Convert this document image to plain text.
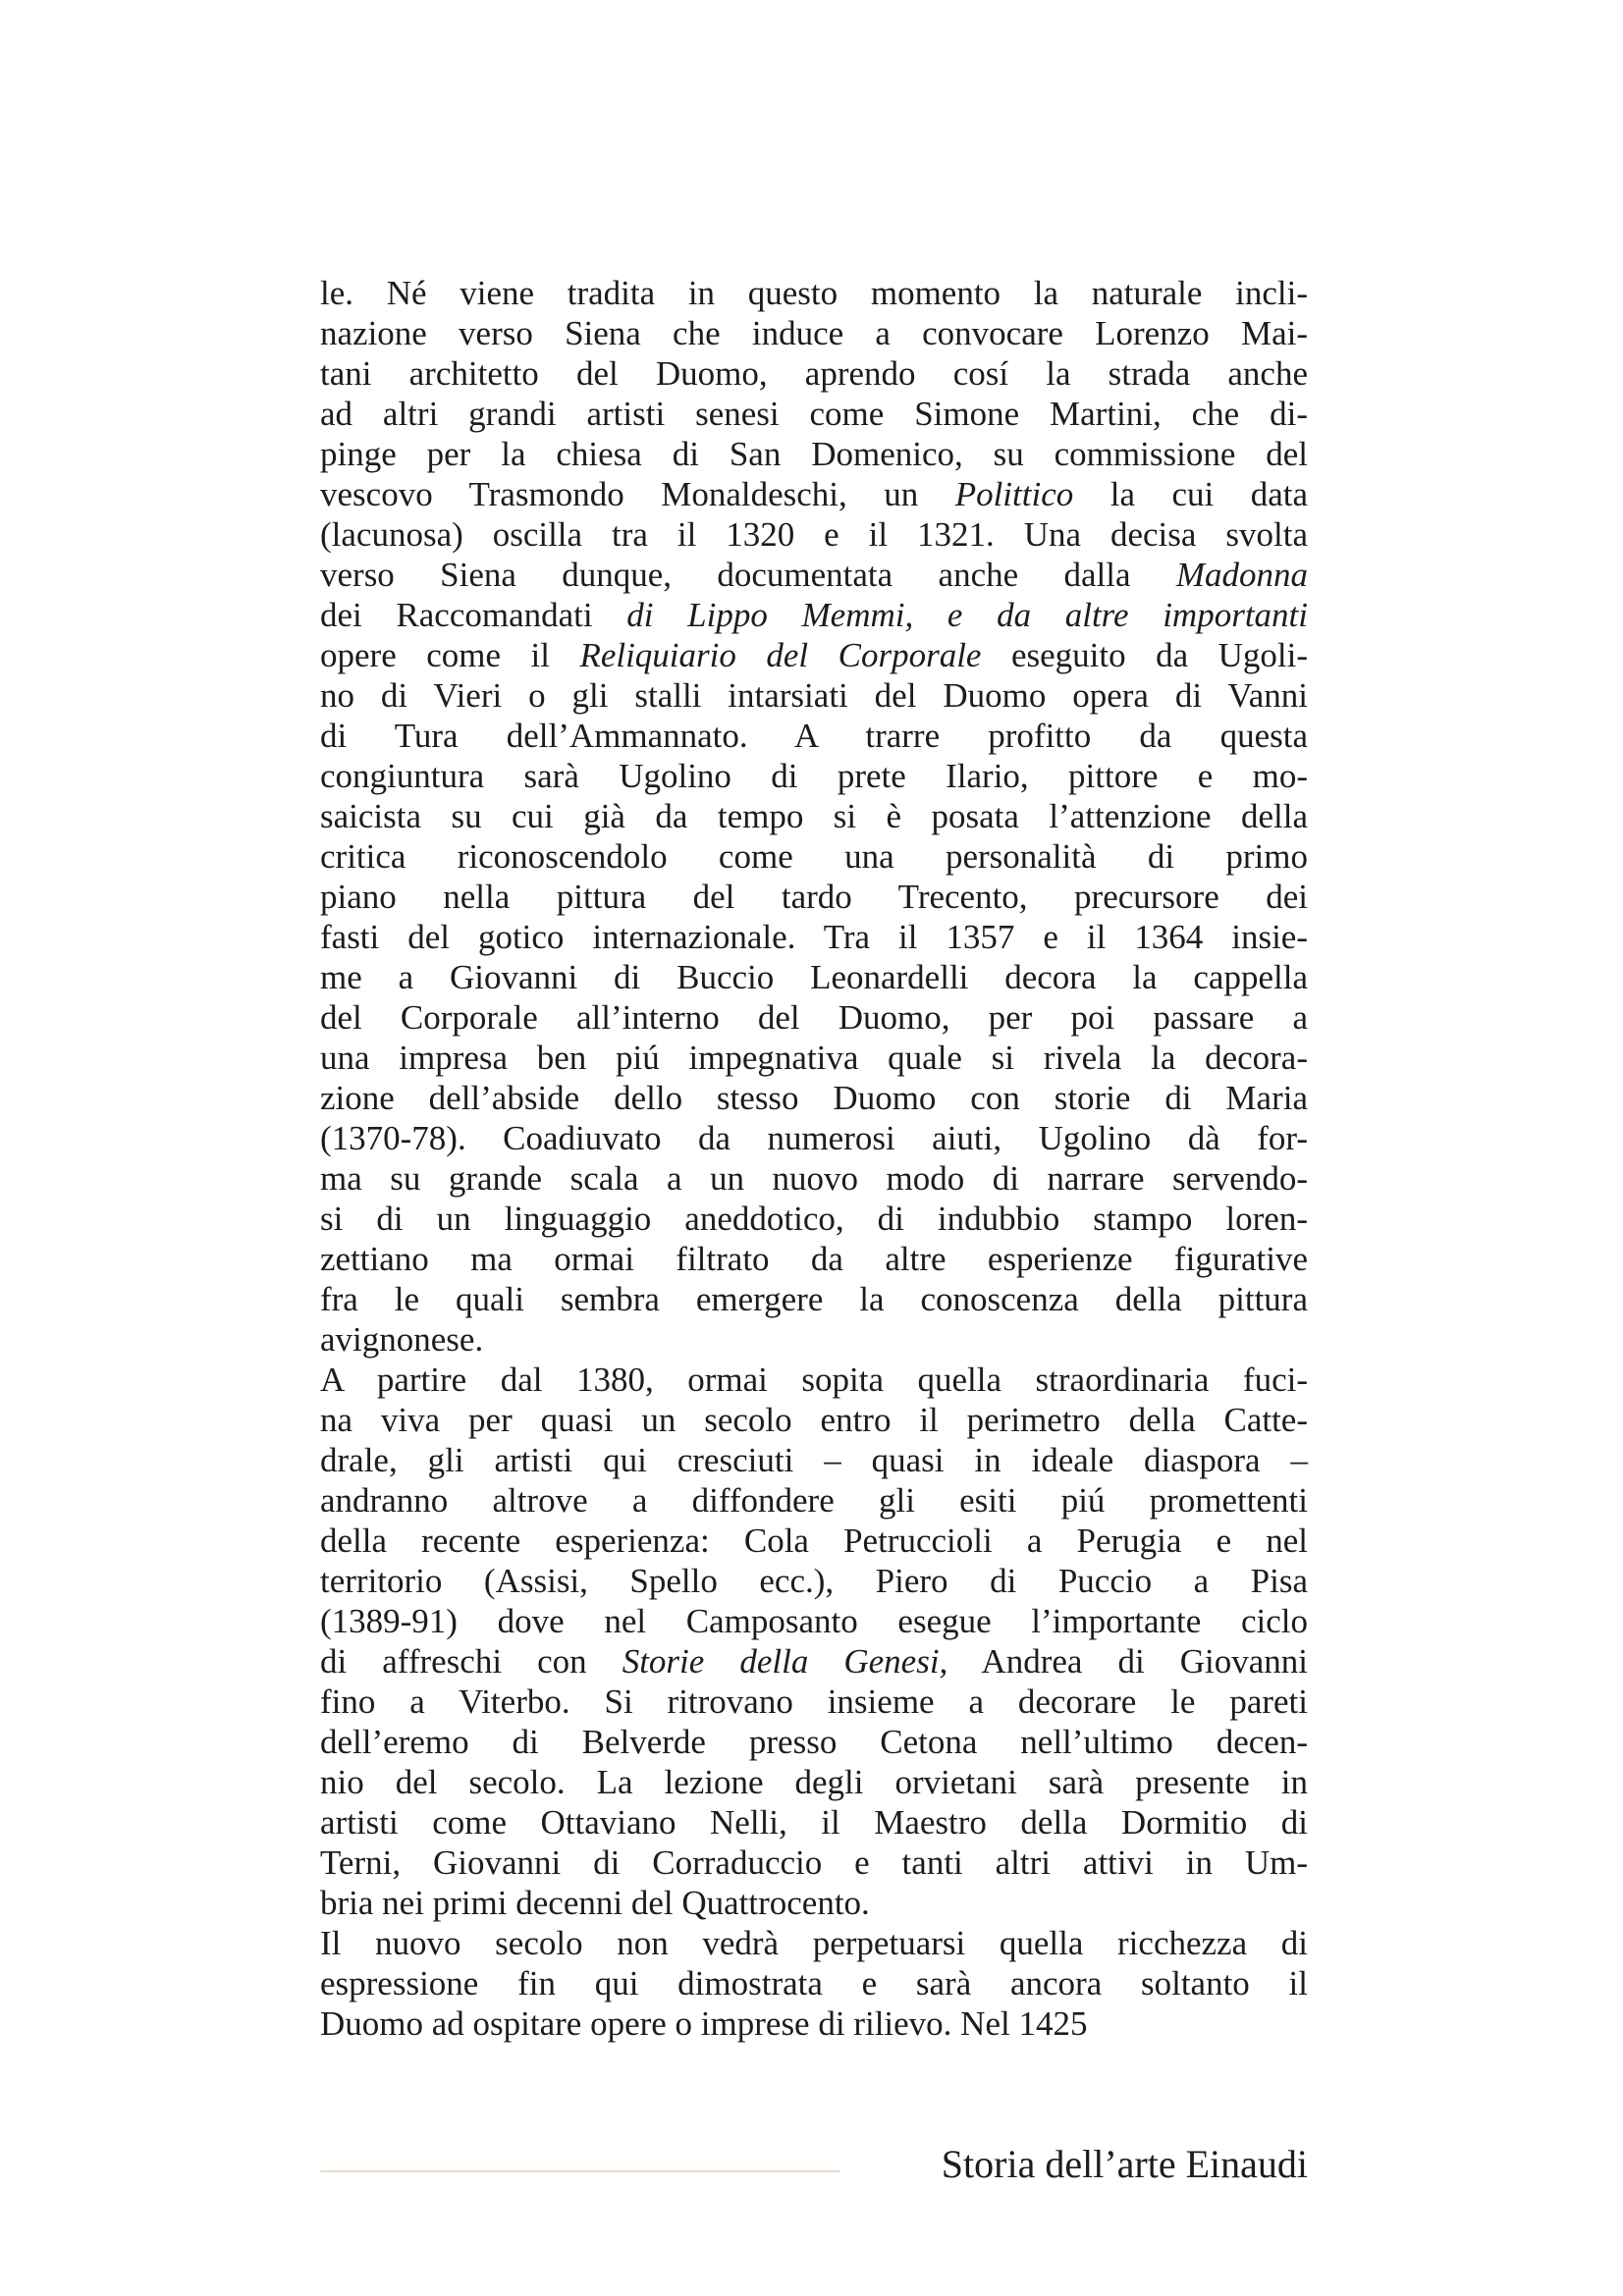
le. Né viene tradita in questo momento la naturale incli-
nazione verso Siena che induce a convocare Lorenzo Mai-
tani architetto del Duomo, aprendo cosí la strada anche
ad altri grandi artisti senesi come Simone Martini, che di-
pinge per la chiesa di San Domenico, su commissione del
vescovo Trasmondo Monaldeschi, un Polittico la cui data
(lacunosa) oscilla tra il 1320 e il 1321. Una decisa svolta
verso Siena dunque, documentata anche dalla Madonna
dei Raccomandati di Lippo Memmi, e da altre importanti
opere come il Reliquiario del Corporale eseguito da Ugoli-
no di Vieri o gli stalli intarsiati del Duomo opera di Vanni
di Tura dell’Ammannato. A trarre profitto da questa
congiuntura sarà Ugolino di prete Ilario, pittore e mo-
saicista su cui già da tempo si è posata l’attenzione della
critica riconoscendolo come una personalità di primo
piano nella pittura del tardo Trecento, precursore dei
fasti del gotico internazionale. Tra il 1357 e il 1364 insie-
me a Giovanni di Buccio Leonardelli decora la cappella
del Corporale all’interno del Duomo, per poi passare a
una impresa ben piú impegnativa quale si rivela la decora-
zione dell’abside dello stesso Duomo con storie di Maria
(1370-78). Coadiuvato da numerosi aiuti, Ugolino dà for-
ma su grande scala a un nuovo modo di narrare servendo-
si di un linguaggio aneddotico, di indubbio stampo loren-
zettiano ma ormai filtrato da altre esperienze figurative
fra le quali sembra emergere la conoscenza della pittura
avignonese.
A partire dal 1380, ormai sopita quella straordinaria fuci-
na viva per quasi un secolo entro il perimetro della Catte-
drale, gli artisti qui cresciuti – quasi in ideale diaspora –
andranno altrove a diffondere gli esiti piú promettenti
della recente esperienza: Cola Petruccioli a Perugia e nel
territorio (Assisi, Spello ecc.), Piero di Puccio a Pisa
(1389-91) dove nel Camposanto esegue l’importante ciclo
di affreschi con Storie della Genesi, Andrea di Giovanni
fino a Viterbo. Si ritrovano insieme a decorare le pareti
dell’eremo di Belverde presso Cetona nell’ultimo decen-
nio del secolo. La lezione degli orvietani sarà presente in
artisti come Ottaviano Nelli, il Maestro della Dormitio di
Terni, Giovanni di Corraduccio e tanti altri attivi in Um-
bria nei primi decenni del Quattrocento.
Il nuovo secolo non vedrà perpetuarsi quella ricchezza di
espressione fin qui dimostrata e sarà ancora soltanto il
Duomo ad ospitare opere o imprese di rilievo. Nel 1425
Storia dell’arte Einaudi
